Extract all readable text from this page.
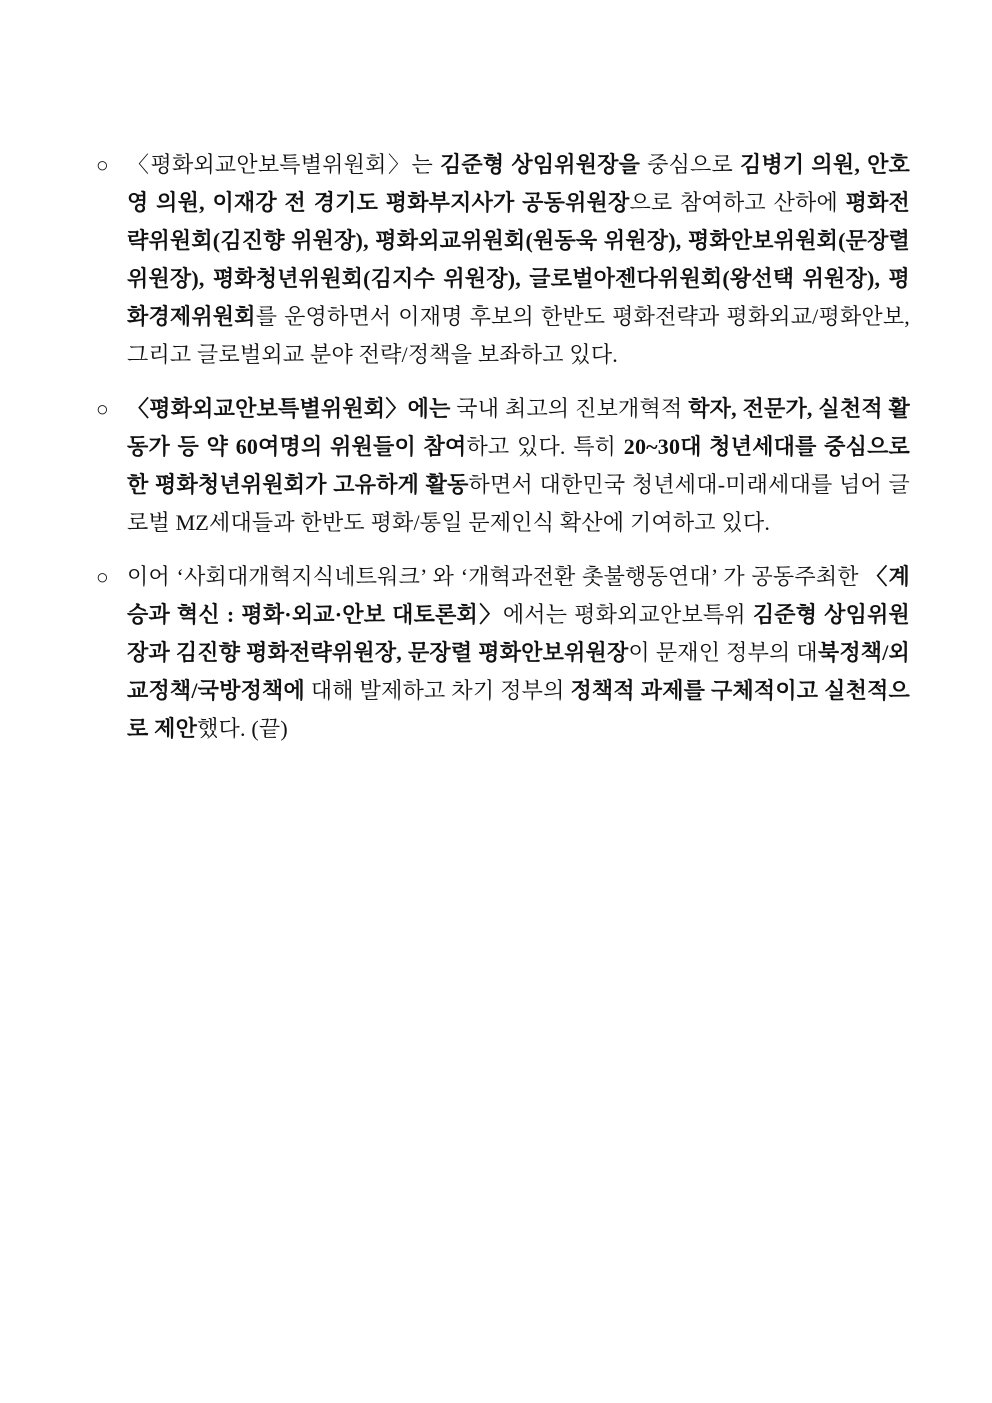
○ 〈평화외교안보특별위원회〉는 김준형 상임위원장을 중심으로 김병기 의원, 안호영 의원, 이재강 전 경기도 평화부지사가 공동위원장으로 참여하고 산하에 평화전략위원회(김진향 위원장), 평화외교위원회(원동욱 위원장), 평화안보위원회(문장렬 위원장), 평화청년위원회(김지수 위원장), 글로벌아젠다위원회(왕선택 위원장), 평화경제위원회를 운영하면서 이재명 후보의 한반도 평화전략과 평화외교/평화안보, 그리고 글로벌외교 분야 전략/정책을 보좌하고 있다.
○ 〈평화외교안보특별위원회〉에는 국내 최고의 진보개혁적 학자, 전문가, 실천적 활동가 등 약 60여명의 위원들이 참여하고 있다. 특히 20~30대 청년세대를 중심으로 한 평화청년위원회가 고유하게 활동하면서 대한민국 청년세대-미래세대를 넘어 글로벌 MZ세대들과 한반도 평화/통일 문제인식 확산에 기여하고 있다.
○ 이어 ‘사회대개혁지식네트워크’ 와 ‘개혁과전환 촛불행동연대’ 가 공동주최한 〈계승과 혁신 : 평화·외교·안보 대토론회〉에서는 평화외교안보특위 김준형 상임위원장과 김진향 평화전략위원장, 문장렬 평화안보위원장이 문재인 정부의 대북정책/외교정책/국방정책에 대해 발제하고 차기 정부의 정책적 과제를 구체적이고 실천적으로 제안했다. (끝)
